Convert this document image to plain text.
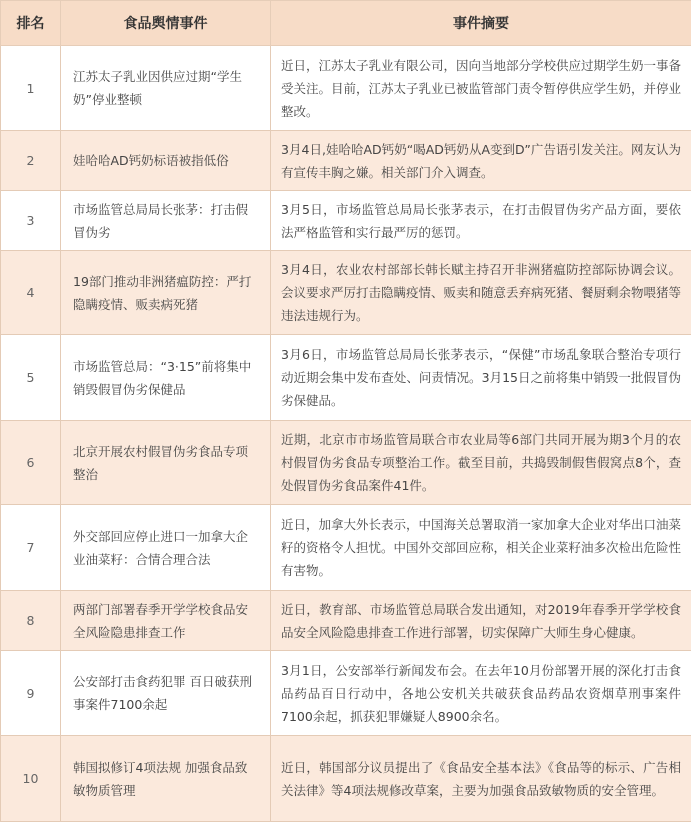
排名	食品舆情事件	事件摘要
1	江苏太子乳业因供应过期“学生奶”停业整顿	近日，江苏太子乳业有限公司，因向当地部分学校供应过期学生奶一事备受关注。目前，江苏太子乳业已被监管部门责令暂停供应学生奶，并停业整改。
2	娃哈哈AD钙奶标语被指低俗	3月4日,娃哈哈AD钙奶“喝AD钙奶从A变到D”广告语引发关注。网友认为有宣传丰胸之嫌。相关部门介入调查。
3	市场监管总局局长张茅：打击假冒伪劣	3月5日，市场监管总局局长张茅表示，在打击假冒伪劣产品方面，要依法严格监管和实行最严厉的惩罚。
4	19部门推动非洲猪瘟防控：严打隐瞒疫情、贩卖病死猪	3月4日，农业农村部部长韩长赋主持召开非洲猪瘟防控部际协调会议。会议要求严厉打击隐瞒疫情、贩卖和随意丢弃病死猪、餐厨剩余物喂猪等违法违规行为。
5	市场监管总局：“3·15”前将集中销毁假冒伪劣保健品	3月6日，市场监管总局局长张茅表示，“保健”市场乱象联合整治专项行动近期会集中发布查处、问责情况。3月15日之前将集中销毁一批假冒伪劣保健品。
6	北京开展农村假冒伪劣食品专项整治	近期，北京市市场监管局联合市农业局等6部门共同开展为期3个月的农村假冒伪劣食品专项整治工作。截至目前，共捣毁制假售假窝点8个，查处假冒伪劣食品案件41件。
7	外交部回应停止进口一加拿大企业油菜籽：合情合理合法	近日，加拿大外长表示，中国海关总署取消一家加拿大企业对华出口油菜籽的资格令人担忧。中国外交部回应称，相关企业菜籽油多次检出危险性有害物。
8	两部门部署春季开学学校食品安全风险隐患排查工作	近日，教育部、市场监管总局联合发出通知，对2019年春季开学学校食品安全风险隐患排查工作进行部署，切实保障广大师生身心健康。
9	公安部打击食药犯罪 百日破获刑事案件7100余起	3月1日，公安部举行新闻发布会。在去年10月份部署开展的深化打击食品药品百日行动中，各地公安机关共破获食品药品农资烟草刑事案件7100余起，抓获犯罪嫌疑人8900余名。
10	韩国拟修订4项法规 加强食品致敏物质管理	近日，韩国部分议员提出了《食品安全基本法》《食品等的标示、广告相关法律》等4项法规修改草案，主要为加强食品致敏物质的安全管理。
